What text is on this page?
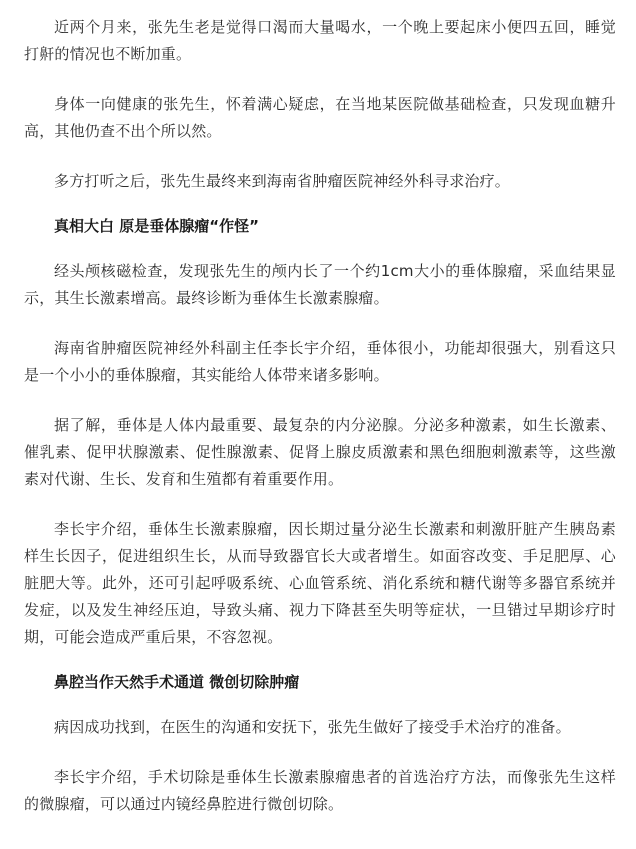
近两个月来，张先生老是觉得口渴而大量喝水，一个晚上要起床小便四五回，睡觉打鼾的情况也不断加重。

身体一向健康的张先生，怀着满心疑虑，在当地某医院做基础检查，只发现血糖升高，其他仍查不出个所以然。

多方打听之后，张先生最终来到海南省肿瘤医院神经外科寻求治疗。

真相大白 原是垂体腺瘤“作怪”

经头颅核磁检查，发现张先生的颅内长了一个约1cm大小的垂体腺瘤，采血结果显示，其生长激素增高。最终诊断为垂体生长激素腺瘤。

海南省肿瘤医院神经外科副主任李长宇介绍，垂体很小，功能却很强大，别看这只是一个小小的垂体腺瘤，其实能给人体带来诸多影响。

据了解，垂体是人体内最重要、最复杂的内分泌腺。分泌多种激素，如生长激素、催乳素、促甲状腺激素、促性腺激素、促肾上腺皮质激素和黑色细胞刺激素等，这些激素对代谢、生长、发育和生殖都有着重要作用。

李长宇介绍，垂体生长激素腺瘤，因长期过量分泌生长激素和刺激肝脏产生胰岛素样生长因子，促进组织生长，从而导致器官长大或者增生。如面容改变、手足肥厚、心脏肥大等。此外，还可引起呼吸系统、心血管系统、消化系统和糖代谢等多器官系统并发症，以及发生神经压迫，导致头痛、视力下降甚至失明等症状，一旦错过早期诊疗时期，可能会造成严重后果，不容忽视。

鼻腔当作天然手术通道 微创切除肿瘤

病因成功找到，在医生的沟通和安抚下，张先生做好了接受手术治疗的准备。

李长宇介绍，手术切除是垂体生长激素腺瘤患者的首选治疗方法，而像张先生这样的微腺瘤，可以通过内镜经鼻腔进行微创切除。
